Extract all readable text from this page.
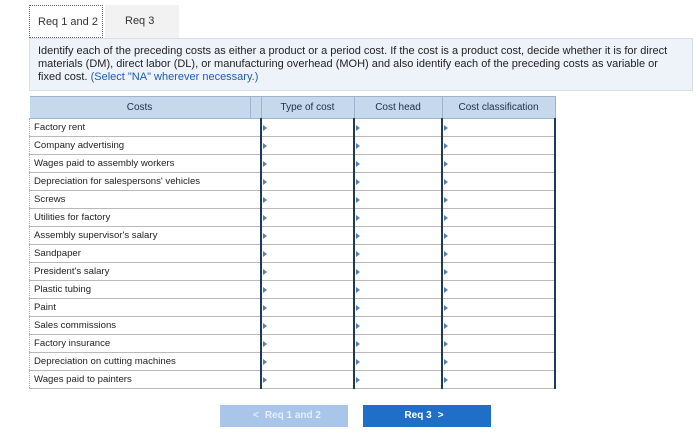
Req 1 and 2	Req 3
Identify each of the preceding costs as either a product or a period cost. If the cost is a product cost, decide whether it is for direct materials (DM), direct labor (DL), or manufacturing overhead (MOH) and also identify each of the preceding costs as variable or fixed cost. (Select "NA" wherever necessary.)
Costs		Type of cost	Cost head	Cost classification
Factory rent		

Company advertising		

Wages paid to assembly workers		

Depreciation for salespersons' vehicles		

Screws		

Utilities for factory		

Assembly supervisor's salary		

Sandpaper		

President's salary		

Plastic tubing		

Paint		

Sales commissions		

Factory insurance		

Depreciation on cutting machines		

Wages paid to painters		

< Req 1 and 2	Req 3 >
